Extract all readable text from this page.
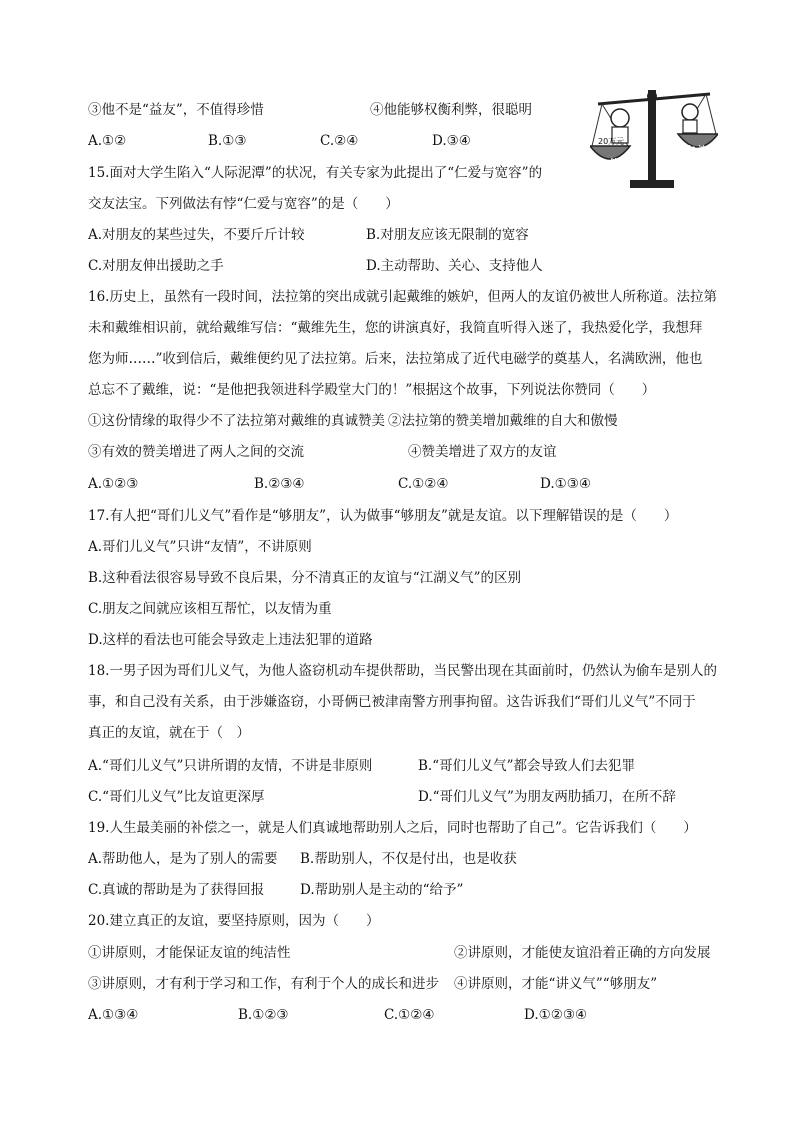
③他不是“益友”，不值得珍惜	④他能够权衡利弊，很聪明
A.①②	B.①③	C.②④	D.③④	20万元
金 钱
友 谊
15.面对大学生陷入“人际泥潭”的状况，有关专家为此提出了“仁爱与宽容”的
交友法宝。下列做法有悖“仁爱与宽容”的是（　　）
A.对朋友的某些过失，不要斤斤计较	B.对朋友应该无限制的宽容
C.对朋友伸出援助之手	D.主动帮助、关心、支持他人
16.历史上，虽然有一段时间，法拉第的突出成就引起戴维的嫉妒，但两人的友谊仍被世人所称道。法拉第
未和戴维相识前，就给戴维写信：“戴维先生，您的讲演真好，我简直听得入迷了，我热爱化学，我想拜
您为师……”收到信后，戴维便约见了法拉第。后来，法拉第成了近代电磁学的奠基人，名满欧洲，他也
总忘不了戴维，说：“是他把我领进科学殿堂大门的！”根据这个故事，下列说法你赞同（　　）
①这份情缘的取得少不了法拉第对戴维的真诚赞美 ②法拉第的赞美增加戴维的自大和傲慢
③有效的赞美增进了两人之间的交流	④赞美增进了双方的友谊
A.①②③	B.②③④	C.①②④	D.①③④
17.有人把“哥们儿义气”看作是“够朋友”，认为做事“够朋友”就是友谊。以下理解错误的是（　　）
A.哥们儿义气”只讲“友情”，不讲原则
B.这种看法很容易导致不良后果，分不清真正的友谊与“江湖义气”的区别
C.朋友之间就应该相互帮忙，以友情为重
D.这样的看法也可能会导致走上违法犯罪的道路
18.一男子因为哥们儿义气，为他人盗窃机动车提供帮助，当民警出现在其面前时，仍然认为偷车是别人的
事，和自己没有关系，由于涉嫌盗窃，小哥俩已被津南警方刑事拘留。这告诉我们“哥们儿义气”不同于
真正的友谊，就在于（　）
A.“哥们儿义气”只讲所谓的友情，不讲是非原则	B.“哥们儿义气”都会导致人们去犯罪
C.“哥们儿义气”比友谊更深厚	D.“哥们儿义气”为朋友两肋插刀，在所不辞
19.人生最美丽的补偿之一，就是人们真诚地帮助别人之后，同时也帮助了自己”。它告诉我们（　　）
A.帮助他人，是为了别人的需要 B.帮助别人，不仅是付出，也是收获
C.真诚的帮助是为了获得回报	D.帮助别人是主动的“给予”
20.建立真正的友谊，要坚持原则，因为（　　）
①讲原则，才能保证友谊的纯洁性	②讲原则，才能使友谊沿着正确的方向发展
③讲原则，才有利于学习和工作，有利于个人的成长和进步 ④讲原则，才能“讲义气”“够朋友”
A.①③④	B.①②③	C.①②④	D.①②③④
